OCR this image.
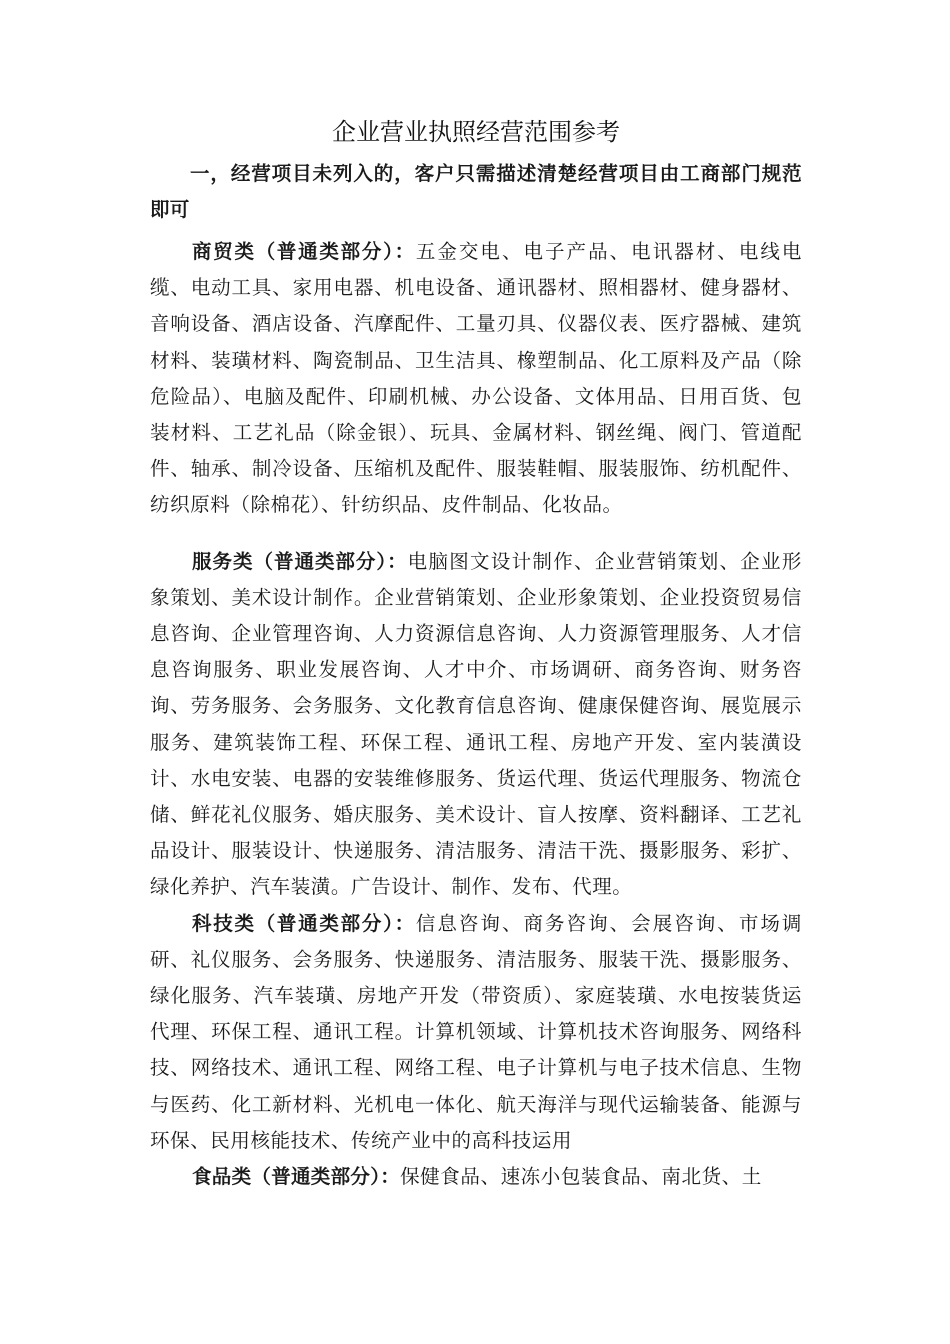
企业营业执照经营范围参考

一，经营项目未列入的，客户只需描述清楚经营项目由工商部门规范即可

商贸类（普通类部分）：五金交电、电子产品、电讯器材、电线电缆、电动工具、家用电器、机电设备、通讯器材、照相器材、健身器材、音响设备、酒店设备、汽摩配件、工量刃具、仪器仪表、医疗器械、建筑材料、装璜材料、陶瓷制品、卫生洁具、橡塑制品、化工原料及产品（除危险品）、电脑及配件、印刷机械、办公设备、文体用品、日用百货、包装材料、工艺礼品（除金银）、玩具、金属材料、钢丝绳、阀门、管道配件、轴承、制冷设备、压缩机及配件、服装鞋帽、服装服饰、纺机配件、纺织原料（除棉花）、针纺织品、皮件制品、化妆品。

服务类（普通类部分）：电脑图文设计制作、企业营销策划、企业形象策划、美术设计制作。企业营销策划、企业形象策划、企业投资贸易信息咨询、企业管理咨询、人力资源信息咨询、人力资源管理服务、人才信息咨询服务、职业发展咨询、人才中介、市场调研、商务咨询、财务咨询、劳务服务、会务服务、文化教育信息咨询、健康保健咨询、展览展示服务、建筑装饰工程、环保工程、通讯工程、房地产开发、室内装潢设计、水电安装、电器的安装维修服务、货运代理、货运代理服务、物流仓储、鲜花礼仪服务、婚庆服务、美术设计、盲人按摩、资料翻译、工艺礼品设计、服装设计、快递服务、清洁服务、清洁干洗、摄影服务、彩扩、绿化养护、汽车装潢。广告设计、制作、发布、代理。

科技类（普通类部分）：信息咨询、商务咨询、会展咨询、市场调研、礼仪服务、会务服务、快递服务、清洁服务、服装干洗、摄影服务、绿化服务、汽车装璜、房地产开发（带资质）、家庭装璜、水电按装货运代理、环保工程、通讯工程。计算机领域、计算机技术咨询服务、网络科技、网络技术、通讯工程、网络工程、电子计算机与电子技术信息、生物与医药、化工新材料、光机电一体化、航天海洋与现代运输装备、能源与环保、民用核能技术、传统产业中的高科技运用

食品类（普通类部分）：保健食品、速冻小包装食品、南北货、土
